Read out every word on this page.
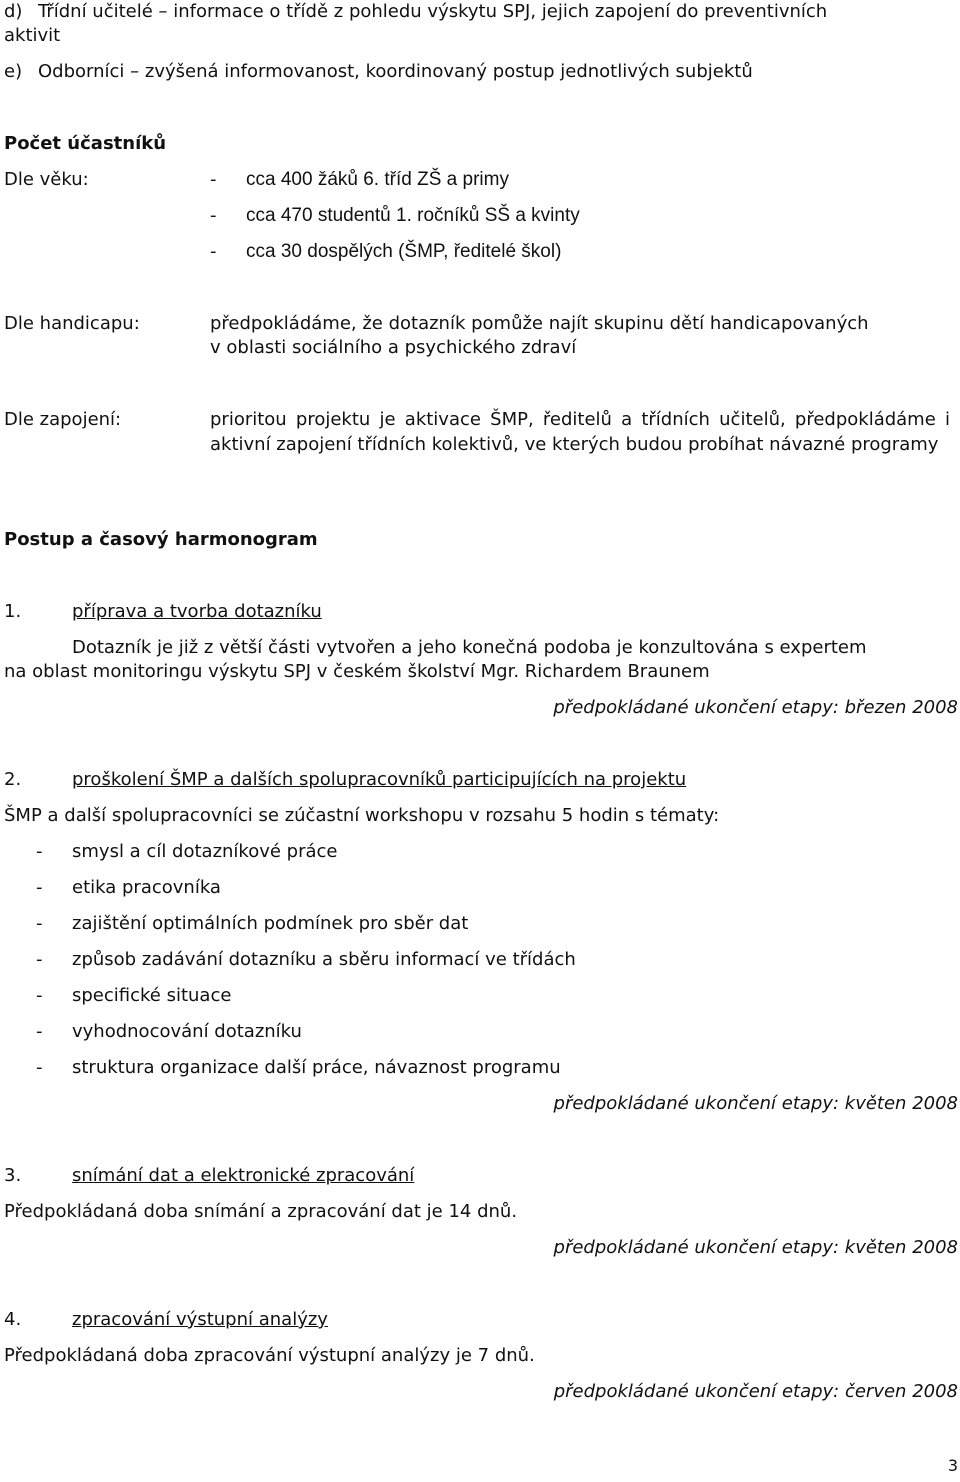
d) Třídní učitelé – informace o třídě z pohledu výskytu SPJ, jejich zapojení do preventivních
aktivit
e) Odborníci – zvýšená informovanost, koordinovaný postup jednotlivých subjektů
Počet účastníků
Dle věku:	- cca 400 žáků 6. tříd ZŠ a primy
- cca 470 studentů 1. ročníků SŠ a kvinty
- cca 30 dospělých (ŠMP, ředitelé škol)
Dle handicapu:	předpokládáme, že dotazník pomůže najít skupinu dětí handicapovaných
v oblasti sociálního a psychického zdraví
Dle zapojení:	prioritou projektu je aktivace ŠMP, ředitelů a třídních učitelů, předpokládáme i aktivní zapojení třídních kolektivů, ve kterých budou probíhat návazné programy
Postup a časový harmonogram
1.	příprava a tvorba dotazníku
Dotazník je již z větší části vytvořen a jeho konečná podoba je konzultována s expertem
na oblast monitoringu výskytu SPJ v českém školství Mgr. Richardem Braunem
předpokládané ukončení etapy: březen 2008
2.	proškolení ŠMP a dalších spolupracovníků participujících na projektu
ŠMP a další spolupracovníci se zúčastní workshopu v rozsahu 5 hodin s tématy:
- smysl a cíl dotazníkové práce
- etika pracovníka
- zajištění optimálních podmínek pro sběr dat
- způsob zadávání dotazníku a sběru informací ve třídách
- specifické situace
- vyhodnocování dotazníku
- struktura organizace další práce, návaznost programu
předpokládané ukončení etapy: květen 2008
3.	snímání dat a elektronické zpracování
Předpokládaná doba snímání a zpracování dat je 14 dnů.
předpokládané ukončení etapy: květen 2008
4.	zpracování výstupní analýzy
Předpokládaná doba zpracování výstupní analýzy je 7 dnů.
předpokládané ukončení etapy: červen 2008
3
